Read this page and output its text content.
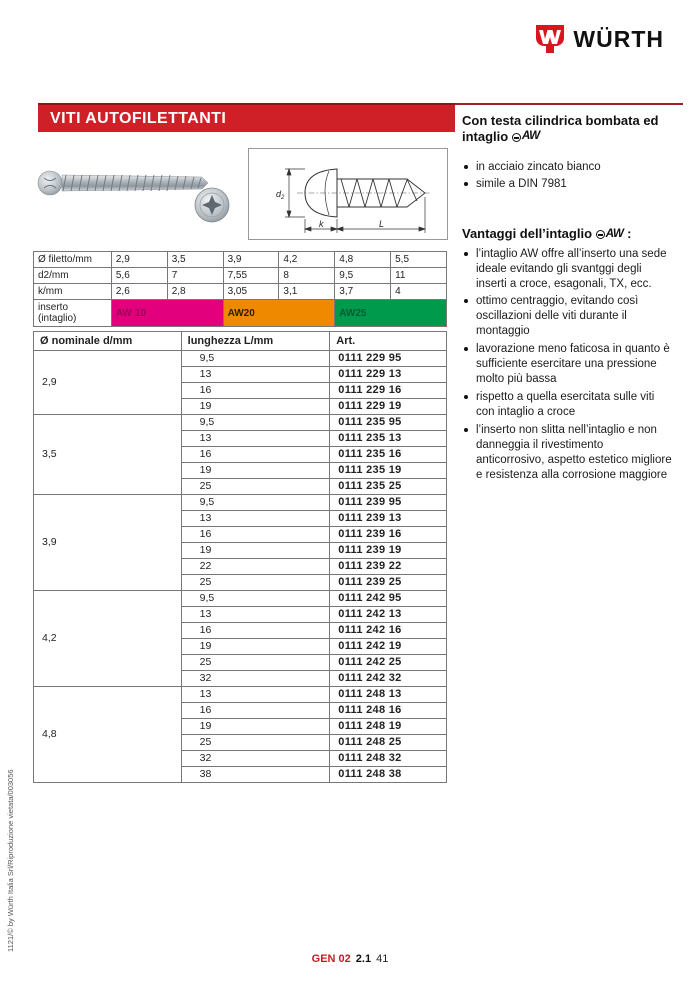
WÜRTH
VITI AUTOFILETTANTI
$d_2$
k	L
Ø filetto/mm	2,9	3,5	3,9	4,2	4,8	5,5
d2/mm	5,6	7	7,55	8	9,5	11
k/mm	2,6	2,8	3,05	3,1	3,7	4
inserto (intaglio)	AW 10		AW20		AW25	
Ø nominale d/mm	lunghezza L/mm	Art.
2,9	9,5	0111 229 95
	13	0111 229 13
	16	0111 229 16
	19	0111 229 19
3,5	9,5	0111 235 95
	13	0111 235 13
	16	0111 235 16
	19	0111 235 19
	25	0111 235 25
3,9	9,5	0111 239 95
	13	0111 239 13
	16	0111 239 16
	19	0111 239 19
	22	0111 239 22
	25	0111 239 25
4,2	9,5	0111 242 95
	13	0111 242 13
	16	0111 242 16
	19	0111 242 19
	25	0111 242 25
	32	0111 242 32
4,8	13	0111 248 13
	16	0111 248 16
	19	0111 248 19
	25	0111 248 25
	32	0111 248 32
	38	0111 248 38
Con testa cilindrica bombata ed intaglio AW
in acciaio zincato bianco
simile a DIN 7981
Vantaggi dell’intaglio AW :
l’intaglio AW offre all’inserto una sede ideale evitando gli svantggi degli inserti a croce, esagonali, TX, ecc.
ottimo centraggio, evitando così oscillazioni delle viti durante il montaggio
lavorazione meno faticosa in quanto è sufficiente esercitare una pressione molto più bassa
rispetto a quella esercitata sulle viti con intaglio a croce
l’inserto non slitta nell’intaglio e non danneggia il rivestimento anticorrosivo, aspetto estetico migliore e resistenza alla corrosione maggiore
GEN 02 2.1 41
1121/© by Würth Italia Srl/Riproduzione vietata/003056
